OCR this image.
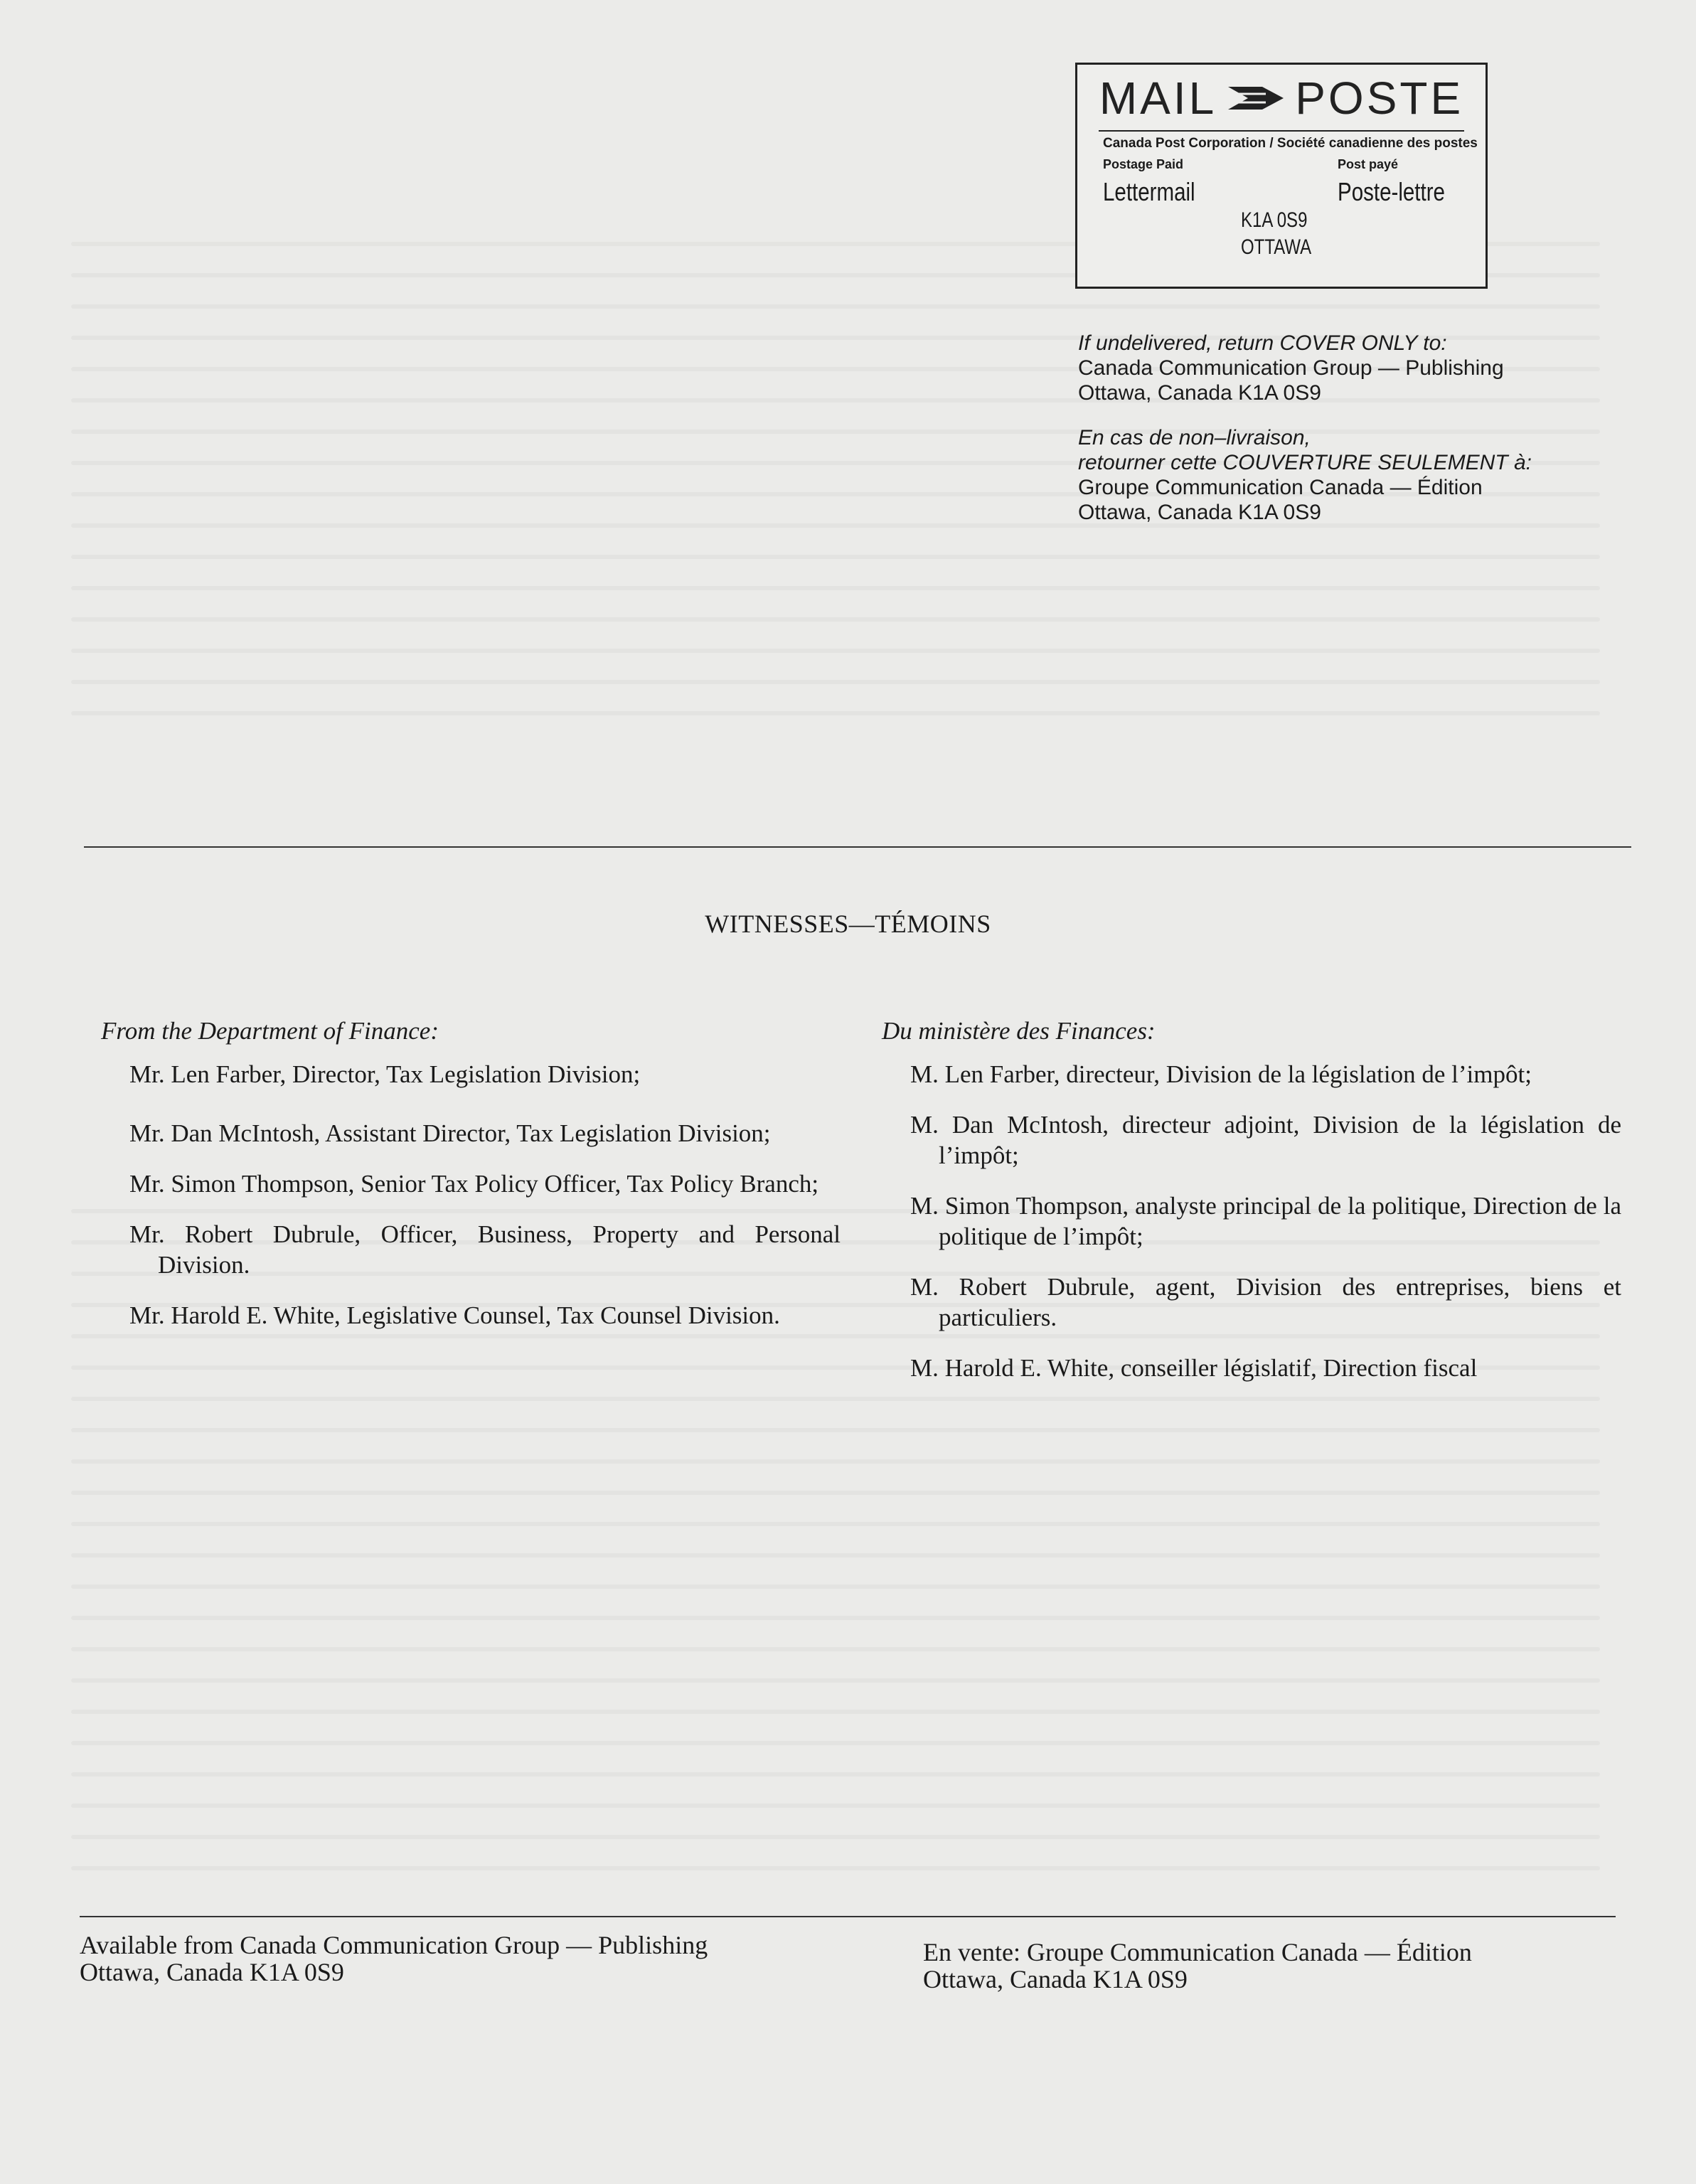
MAIL POSTE
Canada Post Corporation / Société canadienne des postes
Postage Paid	Post payé
Lettermail	Poste-lettre
K1A 0S9
OTTAWA

If undelivered, return COVER ONLY to:

Canada Communication Group — Publishing

Ottawa, Canada K1A 0S9

En cas de non–livraison,

retourner cette COUVERTURE SEULEMENT à:

Groupe Communication Canada — Édition

Ottawa, Canada K1A 0S9

WITNESSES—TÉMOINS
From the Department of Finance:
Mr. Len Farber, Director, Tax Legislation Division;
Mr. Dan McIntosh, Assistant Director, Tax Legislation Division;
Mr. Simon Thompson, Senior Tax Policy Officer, Tax Policy Branch;
Mr. Robert Dubrule, Officer, Business, Property and Personal Division.
Mr. Harold E. White, Legislative Counsel, Tax Counsel Division.
Du ministère des Finances:
M. Len Farber, directeur, Division de la législation de l’impôt;
M. Dan McIntosh, directeur adjoint, Division de la législation de l’impôt;
M. Simon Thompson, analyste principal de la politique, Direction de la politique de l’impôt;
M. Robert Dubrule, agent, Division des entreprises, biens et particuliers.
M. Harold E. White, conseiller législatif, Direction fiscal
Available from Canada Communication Group — Publishing
Ottawa, Canada K1A 0S9
En vente: Groupe Communication Canada — Édition
Ottawa, Canada K1A 0S9
